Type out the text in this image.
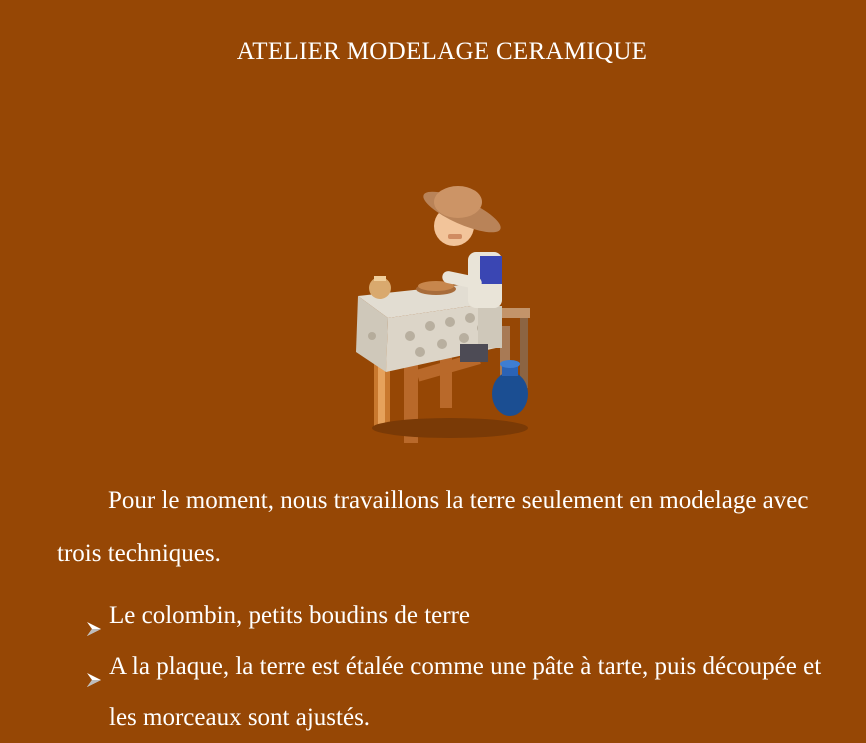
ATELIER MODELAGE CERAMIQUE

Pour le moment, nous travaillons la terre seulement en modelage avec trois techniques.

Le colombin, petits boudins de terre
A la plaque, la terre est étalée comme une pâte à tarte, puis découpée et les morceaux sont ajustés.
